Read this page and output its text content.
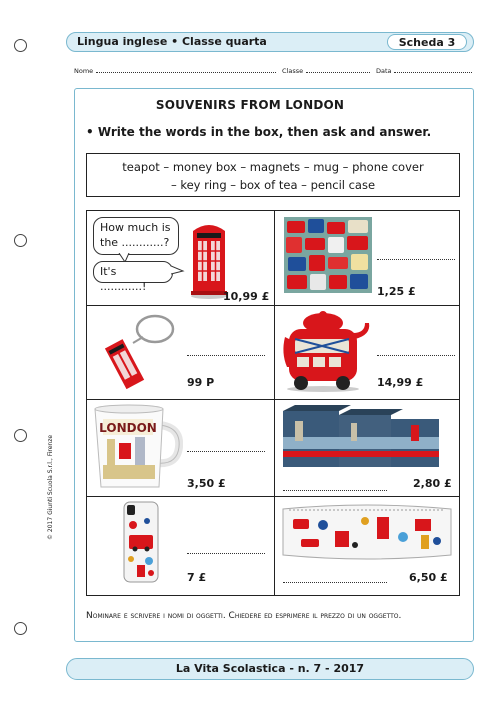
Lingua inglese • Classe quarta	Scheda 3
Nome	Classe	Data
SOUVENIRS FROM LONDON
• Write the words in the box, then ask and answer.
teapot – money box – magnets – mug – phone cover
– key ring – box of tea – pencil case
How much is
the ............?
It's ............!
10,99 £	1,25 £
99 P	14,99 £
LONDON
3,50 £	2,80 £
7 £	6,50 £
Nominare e scrivere i nomi di oggetti. Chiedere ed esprimere il prezzo di un oggetto.
© 2017 Giunti Scuola S.r.l., Firenze
La Vita Scolastica - n. 7 - 2017
